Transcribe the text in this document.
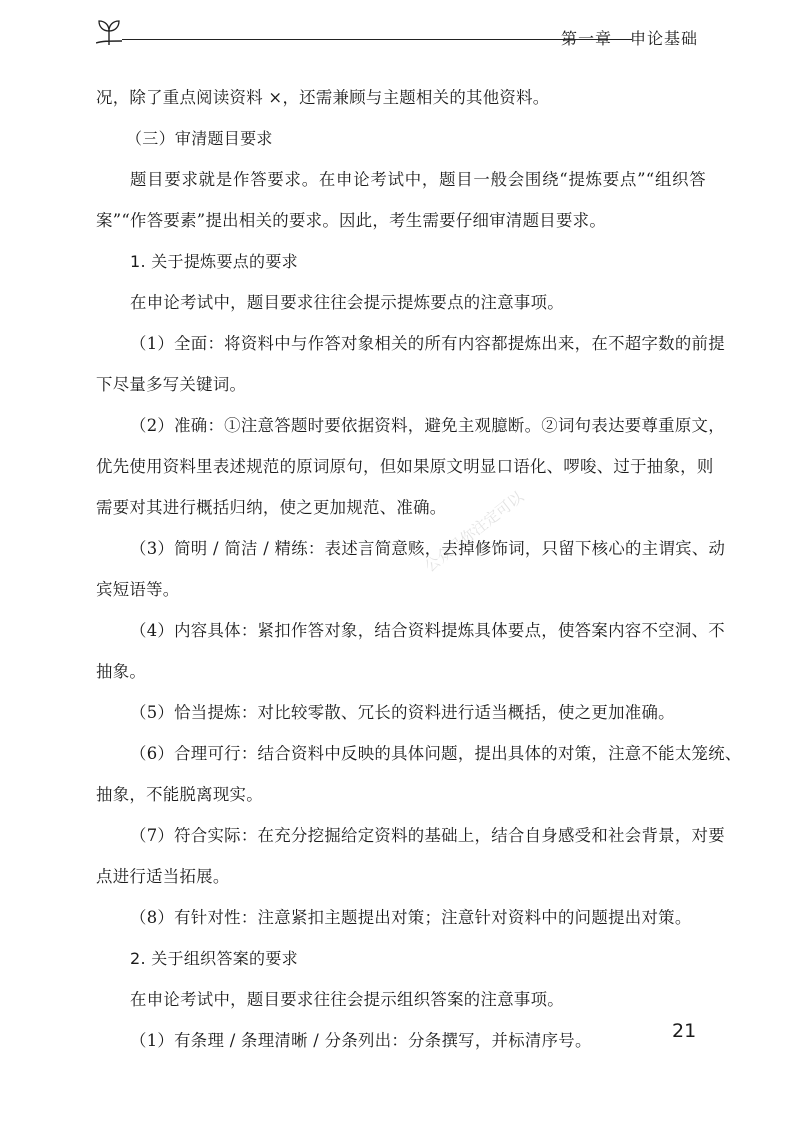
第一章 申论基础
公众号你注定可以
况，除了重点阅读资料 ×，还需兼顾与主题相关的其他资料。
（三）审清题目要求
题目要求就是作答要求。在申论考试中，题目一般会围绕“提炼要点”“组织答
案”“作答要素”提出相关的要求。因此，考生需要仔细审清题目要求。
1. 关于提炼要点的要求
在申论考试中，题目要求往往会提示提炼要点的注意事项。
（1）全面：将资料中与作答对象相关的所有内容都提炼出来，在不超字数的前提
下尽量多写关键词。
（2）准确：①注意答题时要依据资料，避免主观臆断。②词句表达要尊重原文，
优先使用资料里表述规范的原词原句，但如果原文明显口语化、啰唆、过于抽象，则
需要对其进行概括归纳，使之更加规范、准确。
（3）简明 / 简洁 / 精练：表述言简意赅，去掉修饰词，只留下核心的主谓宾、动
宾短语等。
（4）内容具体：紧扣作答对象，结合资料提炼具体要点，使答案内容不空洞、不
抽象。
（5）恰当提炼：对比较零散、冗长的资料进行适当概括，使之更加准确。
（6）合理可行：结合资料中反映的具体问题，提出具体的对策，注意不能太笼统、
抽象，不能脱离现实。
（7）符合实际：在充分挖掘给定资料的基础上，结合自身感受和社会背景，对要
点进行适当拓展。
（8）有针对性：注意紧扣主题提出对策；注意针对资料中的问题提出对策。
2. 关于组织答案的要求
在申论考试中，题目要求往往会提示组织答案的注意事项。
（1）有条理 / 条理清晰 / 分条列出：分条撰写，并标清序号。	21
